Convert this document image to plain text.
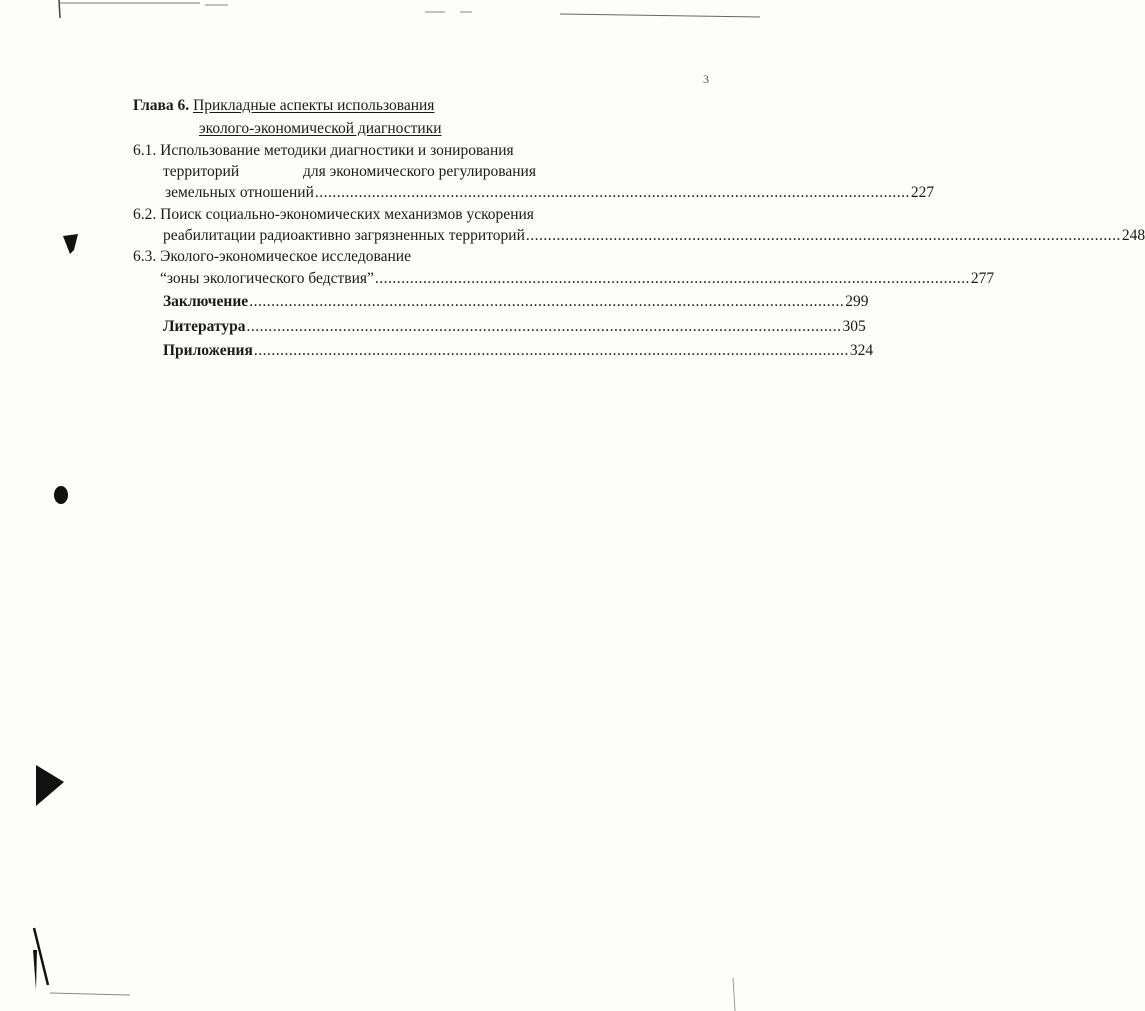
3
Глава 6. Прикладные аспекты использования
эколого-экономической диагностики
6.1. Использование методики диагностики и зонирования
территорий	для экономического регулирования
земельных отношений ........................................................................................................................................ 227
6.2. Поиск социально-экономических механизмов ускорения
реабилитации радиоактивно загрязненных территорий ........................................................................................................................................ 248
6.3. Эколого-экономическое исследование
“зоны экологического бедствия” ........................................................................................................................................ 277
Заключение ........................................................................................................................................ 299
Литература ........................................................................................................................................ 305
Приложения ........................................................................................................................................ 324
